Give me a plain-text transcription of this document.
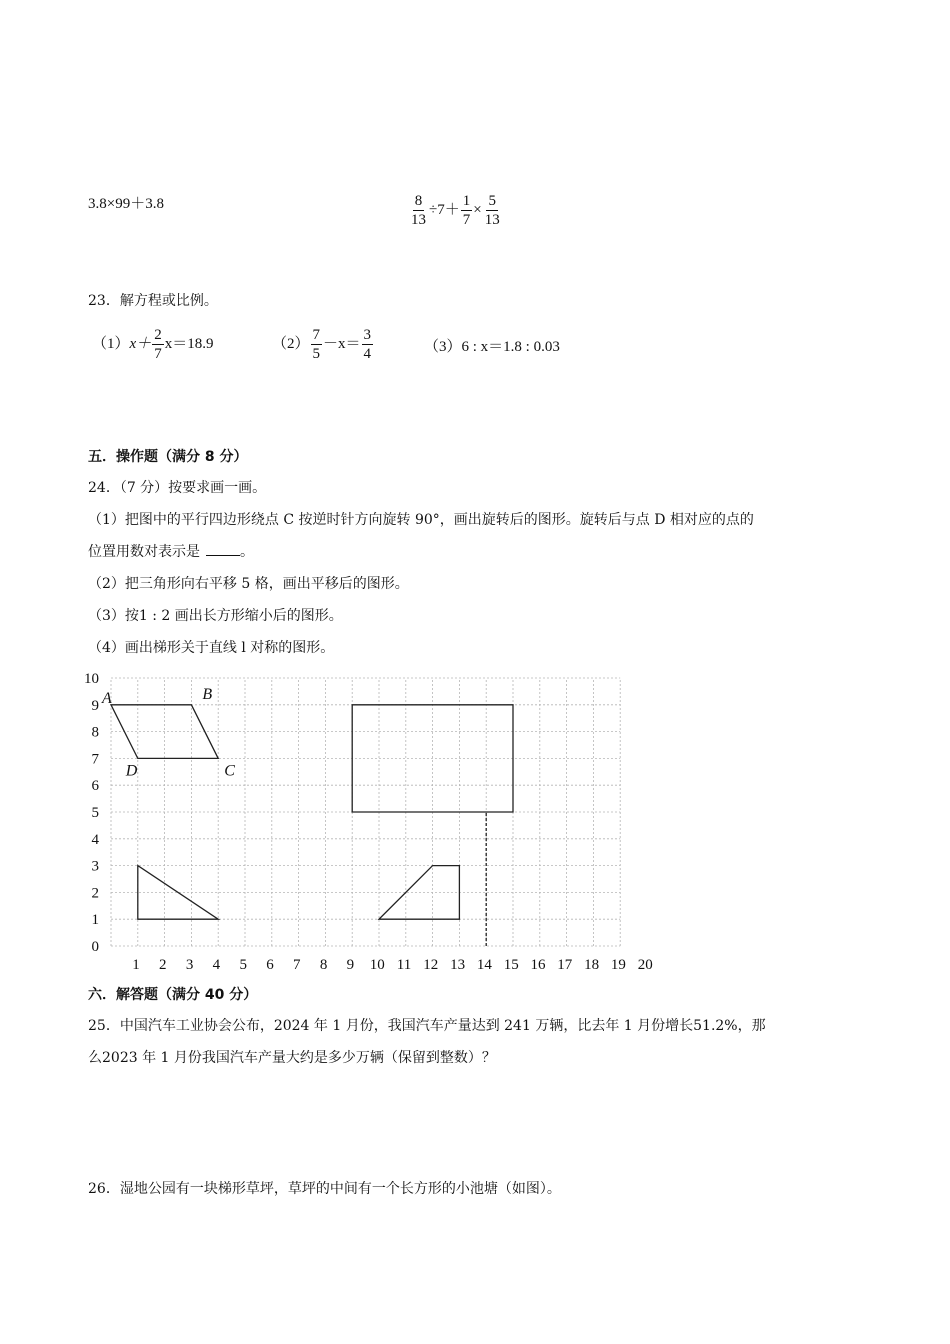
3.8×99＋3.8	$\frac{8}{13} \div 7+ \frac{1}{7} \times \frac{5}{13}$
23．解方程或比例。
$(1)x+ \frac{2}{7} x=18.9$	$(2) \frac{7}{5} -x= \frac{3}{4}$	（3）6 : x＝1.8 : 0.03
五．操作题（满分 8 分）
24．（7 分）按要求画一画。
（1）把图中的平行四边形绕点 C 按逆时针方向旋转 90°，画出旋转后的图形。旋转后与点 D 相对应的点的
位置用数对表示是	。
（2）把三角形向右平移 5 格，画出平移后的图形。
（3）按1 : 2 画出长方形缩小后的图形。
（4）画出梯形关于直线 l 对称的图形。
0
1
2
3
4
5
6
7
8
9
10
1 2 3 4 5 6 7 8 9 10 11 12 13 14 15 16 17 18 19 20
A	B
C
D
六．解答题（满分 40 分）
25．中国汽车工业协会公布，2024 年 1 月份，我国汽车产量达到 241 万辆，比去年 1 月份增长51.2%，那
么2023 年 1 月份我国汽车产量大约是多少万辆（保留到整数）？
26．湿地公园有一块梯形草坪，草坪的中间有一个长方形的小池塘（如图）。
